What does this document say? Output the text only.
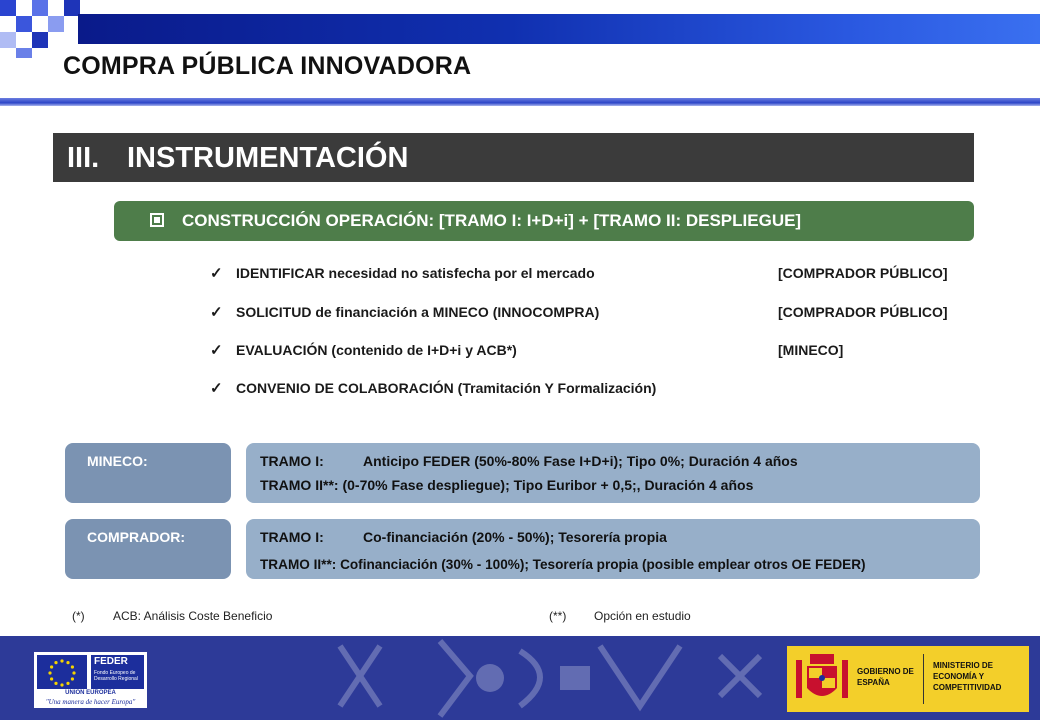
COMPRA PÚBLICA INNOVADORA
III. INSTRUMENTACIÓN
CONSTRUCCIÓN OPERACIÓN: [TRAMO I: I+D+i] + [TRAMO II: DESPLIEGUE]
✓ IDENTIFICAR necesidad no satisfecha por el mercado	[COMPRADOR PÚBLICO]
✓ SOLICITUD de financiación a MINECO (INNOCOMPRA)	[COMPRADOR PÚBLICO]
✓ EVALUACIÓN (contenido de I+D+i y ACB*)	[MINECO]
✓ CONVENIO DE COLABORACIÓN (Tramitación Y Formalización)
MINECO:	TRAMO I:	Anticipo FEDER (50%-80% Fase I+D+i); Tipo 0%; Duración 4 años
TRAMO II**: (0-70% Fase despliegue); Tipo Euribor + 0,5;, Duración 4 años
COMPRADOR:	TRAMO I:	Co-financiación (20% - 50%); Tesorería propia
TRAMO II**: Cofinanciación (30% - 100%); Tesorería propia (posible emplear otros OE FEDER)
(*) ACB: Análisis Coste Beneficio	(**) Opción en estudio
FEDER
Fondo Europeo de Desarrollo Regional
UNIÓN EUROPEA
"Una manera de hacer Europa"
GOBIERNO DE ESPAÑA
MINISTERIO DE ECONOMÍA Y COMPETITIVIDAD
